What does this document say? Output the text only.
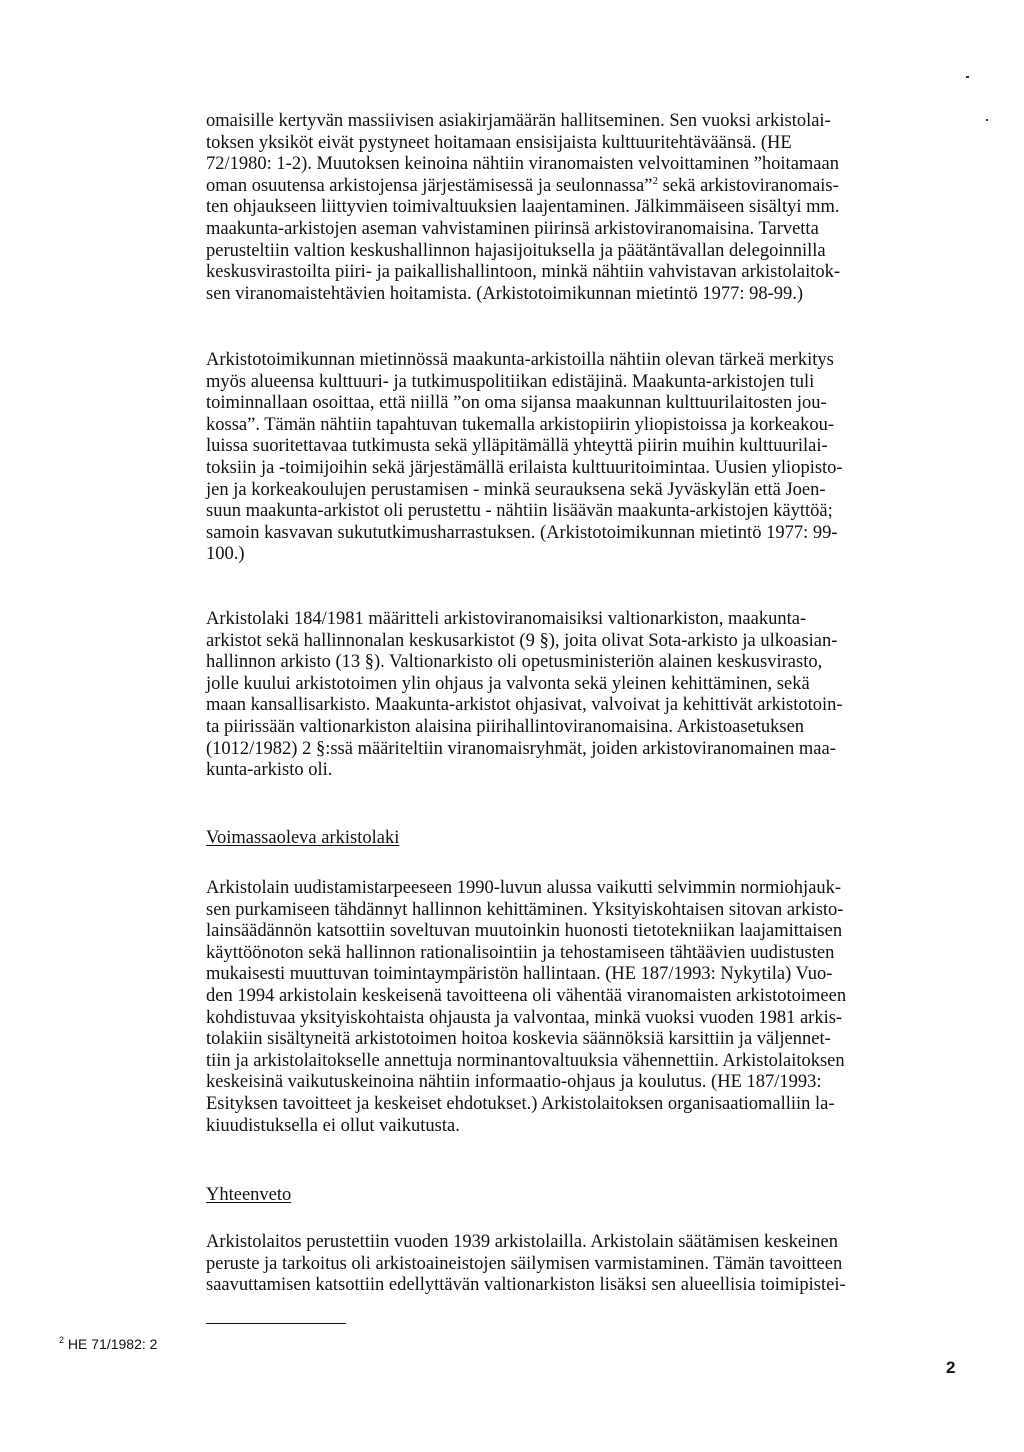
omaisille kertyvän massiivisen asiakirjamäärän hallitseminen. Sen vuoksi arkistolai-

toksen yksiköt eivät pystyneet hoitamaan ensisijaista kulttuuritehtäväänsä. (HE

72/1980: 1-2). Muutoksen keinoina nähtiin viranomaisten velvoittaminen ”hoitamaan

oman osuutensa arkistojensa järjestämisessä ja seulonnassa”$^2$ sekä arkistoviranomais-

ten ohjaukseen liittyvien toimivaltuuksien laajentaminen. Jälkimmäiseen sisältyi mm.

maakunta-arkistojen aseman vahvistaminen piirinsä arkistoviranomaisina. Tarvetta

perusteltiin valtion keskushallinnon hajasijoituksella ja päätäntävallan delegoinnilla

keskusvirastoilta piiri- ja paikallishallintoon, minkä nähtiin vahvistavan arkistolaitok-

sen viranomaistehtävien hoitamista. (Arkistotoimikunnan mietintö 1977: 98-99.)

Arkistotoimikunnan mietinnössä maakunta-arkistoilla nähtiin olevan tärkeä merkitys

myös alueensa kulttuuri- ja tutkimuspolitiikan edistäjinä. Maakunta-arkistojen tuli

toiminnallaan osoittaa, että niillä ”on oma sijansa maakunnan kulttuurilaitosten jou-

kossa”. Tämän nähtiin tapahtuvan tukemalla arkistopiirin yliopistoissa ja korkeakou-

luissa suoritettavaa tutkimusta sekä ylläpitämällä yhteyttä piirin muihin kulttuurilai-

toksiin ja -toimijoihin sekä järjestämällä erilaista kulttuuritoimintaa. Uusien yliopisto-

jen ja korkeakoulujen perustamisen - minkä seurauksena sekä Jyväskylän että Joen-

suun maakunta-arkistot oli perustettu - nähtiin lisäävän maakunta-arkistojen käyttöä;

samoin kasvavan sukututkimusharrastuksen. (Arkistotoimikunnan mietintö 1977: 99-

100.)

Arkistolaki 184/1981 määritteli arkistoviranomaisiksi valtionarkiston, maakunta-

arkistot sekä hallinnonalan keskusarkistot (9 §), joita olivat Sota-arkisto ja ulkoasian-

hallinnon arkisto (13 §). Valtionarkisto oli opetusministeriön alainen keskusvirasto,

jolle kuului arkistotoimen ylin ohjaus ja valvonta sekä yleinen kehittäminen, sekä

maan kansallisarkisto. Maakunta-arkistot ohjasivat, valvoivat ja kehittivät arkistotoin-

ta piirissään valtionarkiston alaisina piirihallintoviranomaisina. Arkistoasetuksen

(1012/1982) 2 §:ssä määriteltiin viranomaisryhmät, joiden arkistoviranomainen maa-

kunta-arkisto oli.

Voimassaoleva arkistolaki

Arkistolain uudistamistarpeeseen 1990-luvun alussa vaikutti selvimmin normiohjauk-

sen purkamiseen tähdännyt hallinnon kehittäminen. Yksityiskohtaisen sitovan arkisto-

lainsäädännön katsottiin soveltuvan muutoinkin huonosti tietotekniikan laajamittaisen

käyttöönoton sekä hallinnon rationalisointiin ja tehostamiseen tähtäävien uudistusten

mukaisesti muuttuvan toimintaympäristön hallintaan. (HE 187/1993: Nykytila) Vuo-

den 1994 arkistolain keskeisenä tavoitteena oli vähentää viranomaisten arkistotoimeen

kohdistuvaa yksityiskohtaista ohjausta ja valvontaa, minkä vuoksi vuoden 1981 arkis-

tolakiin sisältyneitä arkistotoimen hoitoa koskevia säännöksiä karsittiin ja väljennet-

tiin ja arkistolaitokselle annettuja norminantovaltuuksia vähennettiin. Arkistolaitoksen

keskeisinä vaikutuskeinoina nähtiin informaatio-ohjaus ja koulutus. (HE 187/1993:

Esityksen tavoitteet ja keskeiset ehdotukset.) Arkistolaitoksen organisaatiomalliin la-

kiuudistuksella ei ollut vaikutusta.

Yhteenveto

Arkistolaitos perustettiin vuoden 1939 arkistolailla. Arkistolain säätämisen keskeinen

peruste ja tarkoitus oli arkistoaineistojen säilymisen varmistaminen. Tämän tavoitteen

saavuttamisen katsottiin edellyttävän valtionarkiston lisäksi sen alueellisia toimipistei-

$^2$ HE 71/1982: 2
2
